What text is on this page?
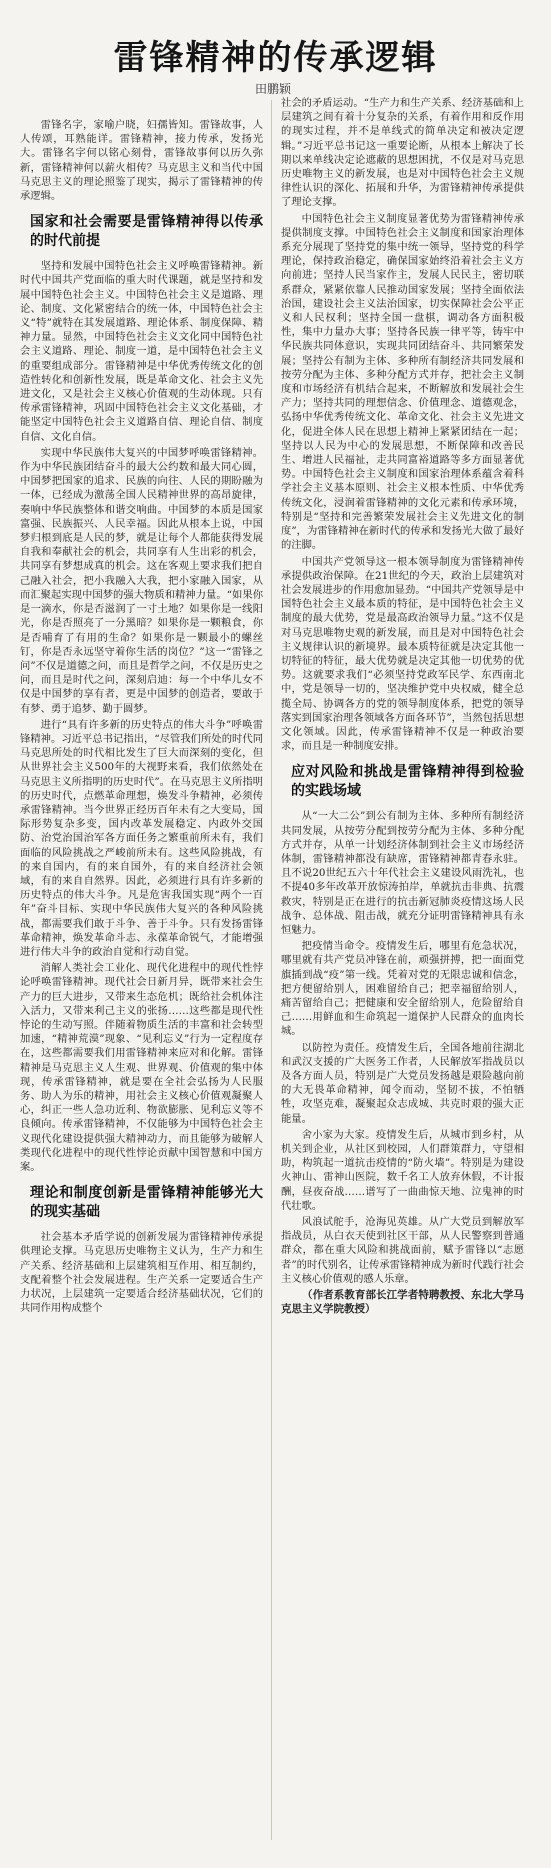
雷锋精神的传承逻辑
田鹏颖

雷锋名字，家喻户晓，妇孺皆知。雷锋故事，人人传颂，耳熟能详。雷锋精神，接力传承，发扬光大。雷锋名字何以铭心刻骨，雷锋故事何以历久弥新，雷锋精神何以薪火相传？马克思主义和当代中国马克思主义的理论照鉴了现实，揭示了雷锋精神的传承逻辑。

国家和社会需要是雷锋精神得以传承的时代前提

坚持和发展中国特色社会主义呼唤雷锋精神。新时代中国共产党面临的重大时代课题，就是坚持和发展中国特色社会主义。中国特色社会主义是道路、理论、制度、文化紧密结合的统一体，中国特色社会主义“特”就特在其发展道路、理论体系、制度保障、精神力量。显然，中国特色社会主义文化同中国特色社会主义道路、理论、制度一道，是中国特色社会主义的重要组成部分。雷锋精神是中华优秀传统文化的创造性转化和创新性发展，既是革命文化、社会主义先进文化，又是社会主义核心价值观的生动体现。只有传承雷锋精神，巩固中国特色社会主义文化基础，才能坚定中国特色社会主义道路自信、理论自信、制度自信、文化自信。

实现中华民族伟大复兴的中国梦呼唤雷锋精神。作为中华民族团结奋斗的最大公约数和最大同心圆，中国梦把国家的追求、民族的向往、人民的期盼融为一体，已经成为激荡全国人民精神世界的高昂旋律，奏响中华民族整体和谐交响曲。中国梦的本质是国家富强、民族振兴、人民幸福。因此从根本上说，中国梦归根到底是人民的梦，就是让每个人都能获得发展自我和奉献社会的机会，共同享有人生出彩的机会，共同享有梦想成真的机会。这在客观上要求我们把自己融入社会，把小我融入大我，把小家融入国家，从而汇聚起实现中国梦的强大物质和精神力量。“如果你是一滴水，你是否滋润了一寸土地？如果你是一线阳光，你是否照亮了一分黑暗？如果你是一颗粮食，你是否哺育了有用的生命？如果你是一颗最小的螺丝钉，你是否永远坚守着你生活的岗位？”这一“雷锋之问”不仅是道德之问，而且是哲学之问，不仅是历史之问，而且是时代之问，深刻启迪：每一个中华儿女不仅是中国梦的享有者，更是中国梦的创造者，要敢于有梦、勇于追梦、勤于圆梦。

进行“具有许多新的历史特点的伟大斗争”呼唤雷锋精神。习近平总书记指出，“尽管我们所处的时代同马克思所处的时代相比发生了巨大而深刻的变化，但从世界社会主义500年的大视野来看，我们依然处在马克思主义所指明的历史时代”。在马克思主义所指明的历史时代，点燃革命理想，焕发斗争精神，必须传承雷锋精神。当今世界正经历百年未有之大变局，国际形势复杂多变，国内改革发展稳定、内政外交国防、治党治国治军各方面任务之繁重前所未有，我们面临的风险挑战之严峻前所未有。这些风险挑战，有的来自国内，有的来自国外，有的来自经济社会领域，有的来自自然界。因此，必须进行具有许多新的历史特点的伟大斗争。凡是危害我国实现“两个一百年”奋斗目标、实现中华民族伟大复兴的各种风险挑战，都需要我们敢于斗争、善于斗争。只有发扬雷锋革命精神，焕发革命斗志、永葆革命锐气，才能增强进行伟大斗争的政治自觉和行动自觉。

消解人类社会工业化、现代化进程中的现代性悖论呼唤雷锋精神。现代社会日新月异，既带来社会生产力的巨大进步，又带来生态危机；既给社会机体注入活力，又带来利己主义的张扬……这些都是现代性悖论的生动写照。伴随着物质生活的丰富和社会转型加速，“精神荒漠”现象、“见利忘义”行为一定程度存在，这些都需要我们用雷锋精神来应对和化解。雷锋精神是马克思主义人生观、世界观、价值观的集中体现，传承雷锋精神，就是要在全社会弘扬为人民服务、助人为乐的精神，用社会主义核心价值观凝聚人心，纠正一些人急功近利、物欲膨胀、见利忘义等不良倾向。传承雷锋精神，不仅能够为中国特色社会主义现代化建设提供强大精神动力，而且能够为破解人类现代化进程中的现代性悖论贡献中国智慧和中国方案。

理论和制度创新是雷锋精神能够光大的现实基础

社会基本矛盾学说的创新发展为雷锋精神传承提供理论支撑。马克思历史唯物主义认为，生产力和生产关系、经济基础和上层建筑相互作用、相互制约，支配着整个社会发展进程。生产关系一定要适合生产力状况，上层建筑一定要适合经济基础状况，它们的共同作用构成整个

社会的矛盾运动。“生产力和生产关系、经济基础和上层建筑之间有着十分复杂的关系，有着作用和反作用的现实过程，并不是单线式的简单决定和被决定逻辑。”习近平总书记这一重要论断，从根本上解决了长期以来单线决定论遮蔽的思想困扰，不仅是对马克思历史唯物主义的新发展，也是对中国特色社会主义规律性认识的深化、拓展和升华，为雷锋精神传承提供了理论支撑。

中国特色社会主义制度显著优势为雷锋精神传承提供制度支撑。中国特色社会主义制度和国家治理体系充分展现了坚持党的集中统一领导，坚持党的科学理论，保持政治稳定，确保国家始终沿着社会主义方向前进；坚持人民当家作主，发展人民民主，密切联系群众，紧紧依靠人民推动国家发展；坚持全面依法治国，建设社会主义法治国家，切实保障社会公平正义和人民权利；坚持全国一盘棋，调动各方面积极性，集中力量办大事；坚持各民族一律平等，铸牢中华民族共同体意识，实现共同团结奋斗、共同繁荣发展；坚持公有制为主体、多种所有制经济共同发展和按劳分配为主体、多种分配方式并存，把社会主义制度和市场经济有机结合起来，不断解放和发展社会生产力；坚持共同的理想信念、价值理念、道德观念，弘扬中华优秀传统文化、革命文化、社会主义先进文化，促进全体人民在思想上精神上紧紧团结在一起；坚持以人民为中心的发展思想，不断保障和改善民生、增进人民福祉，走共同富裕道路等多方面显著优势。中国特色社会主义制度和国家治理体系蕴含着科学社会主义基本原则、社会主义根本性质、中华优秀传统文化，浸润着雷锋精神的文化元素和传承环境，特别是“坚持和完善繁荣发展社会主义先进文化的制度”，为雷锋精神在新时代的传承和发扬光大做了最好的注脚。

中国共产党领导这一根本领导制度为雷锋精神传承提供政治保障。在21世纪的今天，政治上层建筑对社会发展进步的作用愈加显劲。“中国共产党领导是中国特色社会主义最本质的特征，是中国特色社会主义制度的最大优势，党是最高政治领导力量。”这不仅是对马克思唯物史观的新发展，而且是对中国特色社会主义规律认识的新境界。最本质特征就是决定其他一切特征的特征，最大优势就是决定其他一切优势的优势。这就要求我们“必须坚持党政军民学、东西南北中，党是领导一切的，坚决维护党中央权威，健全总揽全局、协调各方的党的领导制度体系，把党的领导落实到国家治理各领域各方面各环节”，当然包括思想文化领域。因此，传承雷锋精神不仅是一种政治要求，而且是一种制度安排。

应对风险和挑战是雷锋精神得到检验的实践场域

从“一大二公”到公有制为主体、多种所有制经济共同发展，从按劳分配到按劳分配为主体、多种分配方式并存，从单一计划经济体制到社会主义市场经济体制，雷锋精神都没有缺席，雷锋精神都青春永驻。且不说20世纪五六十年代社会主义建设风雨洗礼，也不提40多年改革开放惊涛拍岸，单就抗击非典、抗震救灾，特别是正在进行的抗击新冠肺炎疫情这场人民战争、总体战、阻击战，就充分证明雷锋精神具有永恒魅力。

把疫情当命令。疫情发生后，哪里有危急状况，哪里就有共产党员冲锋在前，顽强拼搏，把一面面党旗插到战“疫”第一线。凭着对党的无限忠诚和信念，把方便留给别人，困难留给自己；把幸福留给别人，痛苦留给自己；把健康和安全留给别人，危险留给自己……用鲜血和生命筑起一道保护人民群众的血肉长城。

以防控为责任。疫情发生后，全国各地前往湖北和武汉支援的广大医务工作者，人民解放军指战员以及各方面人员，特别是广大党员发扬越是艰险越向前的大无畏革命精神，闻令而动，坚韧不拔，不怕牺牲，攻坚克难，凝聚起众志成城、共克时艰的强大正能量。

舍小家为大家。疫情发生后，从城市到乡村，从机关到企业，从社区到校园，人们群策群力，守望相助，构筑起一道抗击疫情的“防火墙”。特别是为建设火神山、雷神山医院，数千名工人放弃休假，不计报酬，昼夜奋战……谱写了一曲曲惊天地、泣鬼神的时代壮歌。

风浪试舵手，沧海见英雄。从广大党员到解放军指战员，从白衣天使到社区干部，从人民警察到普通群众，都在重大风险和挑战面前，赋予雷锋以“志愿者”的时代别名，让传承雷锋精神成为新时代践行社会主义核心价值观的感人乐章。

（作者系教育部长江学者特聘教授、东北大学马克思主义学院教授）
